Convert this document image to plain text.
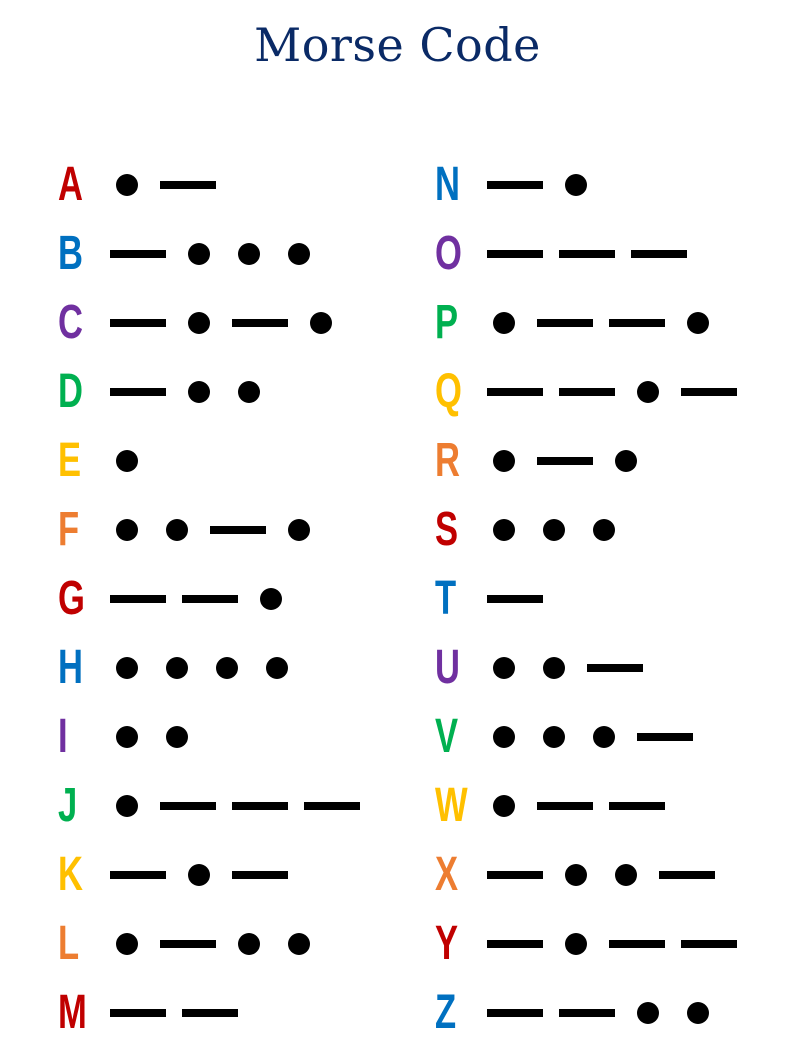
Morse Code
A
B
C
D
E
F
G
H
I
J
K
L
M
N
O
P
Q
R
S
T
U
V
W
X
Y
Z
